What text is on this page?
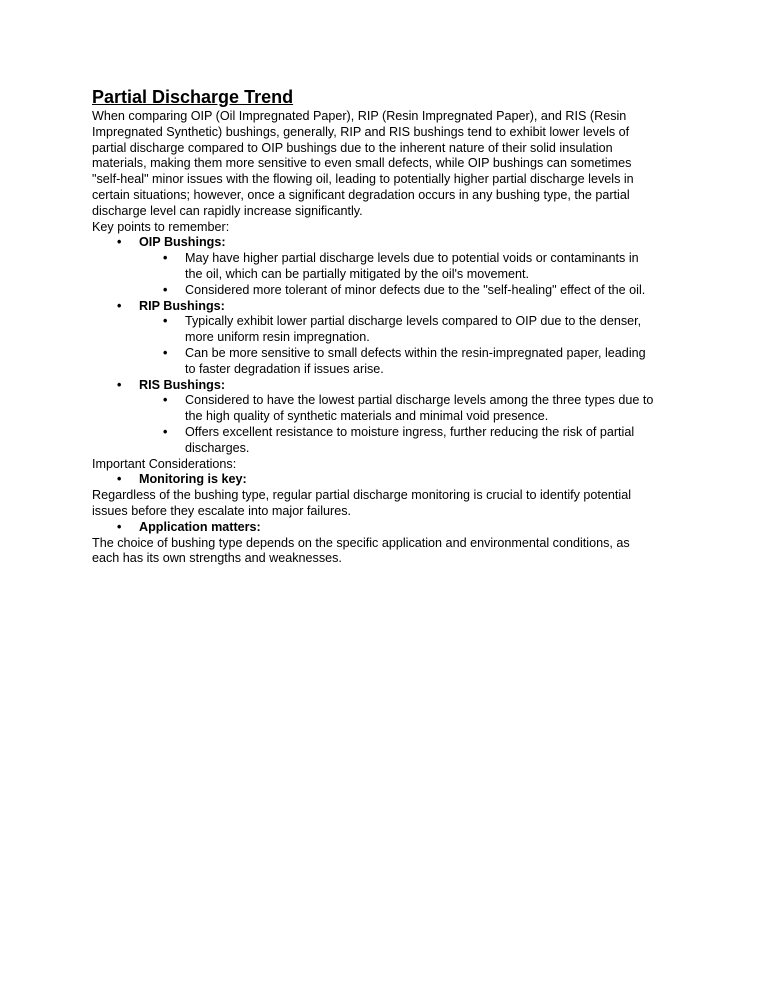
Partial Discharge Trend
When comparing OIP (Oil Impregnated Paper), RIP (Resin Impregnated Paper), and RIS (Resin
Impregnated Synthetic) bushings, generally, RIP and RIS bushings tend to exhibit lower levels of
partial discharge compared to OIP bushings due to the inherent nature of their solid insulation
materials, making them more sensitive to even small defects, while OIP bushings can sometimes
"self-heal" minor issues with the flowing oil, leading to potentially higher partial discharge levels in
certain situations; however, once a significant degradation occurs in any bushing type, the partial
discharge level can rapidly increase significantly.
Key points to remember:
• OIP Bushings:
• May have higher partial discharge levels due to potential voids or contaminants in
the oil, which can be partially mitigated by the oil's movement.
• Considered more tolerant of minor defects due to the "self-healing" effect of the oil.
• RIP Bushings:
• Typically exhibit lower partial discharge levels compared to OIP due to the denser,
more uniform resin impregnation.
• Can be more sensitive to small defects within the resin-impregnated paper, leading
to faster degradation if issues arise.
• RIS Bushings:
• Considered to have the lowest partial discharge levels among the three types due to
the high quality of synthetic materials and minimal void presence.
• Offers excellent resistance to moisture ingress, further reducing the risk of partial
discharges.
Important Considerations:
• Monitoring is key:
Regardless of the bushing type, regular partial discharge monitoring is crucial to identify potential
issues before they escalate into major failures.
• Application matters:
The choice of bushing type depends on the specific application and environmental conditions, as
each has its own strengths and weaknesses.
